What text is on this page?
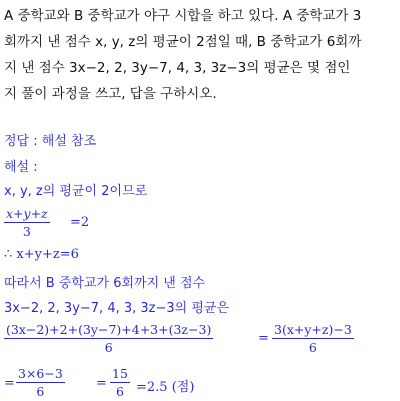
A 중학교와 B 중학교가 야구 시합을 하고 있다. A 중학교가 3
회까지 낸 점수 x, y, z의 평균이 2점일 때, B 중학교가 6회까
지 낸 점수 3x−2, 2, 3y−7, 4, 3, 3z−3의 평균은 몇 점인
지 풀이 과정을 쓰고, 답을 구하시오.
정답 : 해설 참조
해설 :
x, y, z의 평균이 2이므로
$\frac{x+y+z}{3} =2$
∴ x+y+z=6
따라서 B 중학교가 6회까지 낸 점수
3x−2, 2, 3y−7, 4, 3, 3z−3의 평균은
$\frac{(3x-2)+2+(3y-7)+4+3+(3z-3)}{6}$	= $\frac{3(x+y+z)-3}{6}$
= $\frac{3\times 6-3}{6} = \frac{15}{6} =2.5$ (점)
